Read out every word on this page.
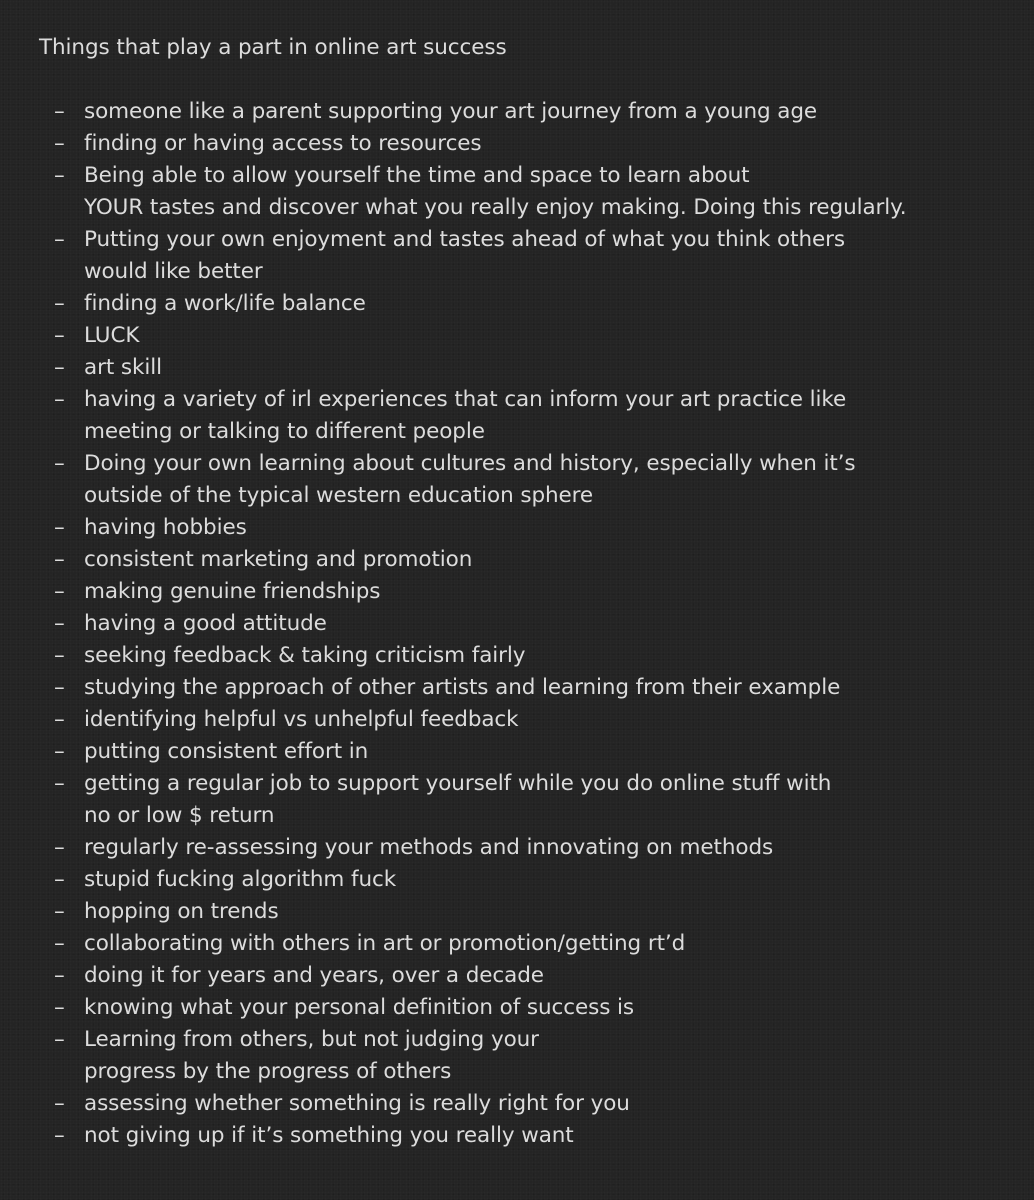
Things that play a part in online art success
– someone like a parent supporting your art journey from a young age
– finding or having access to resources
– Being able to allow yourself the time and space to learn about
YOUR tastes and discover what you really enjoy making. Doing this regularly.
– Putting your own enjoyment and tastes ahead of what you think others
would like better
– finding a work/life balance
– LUCK
– art skill
– having a variety of irl experiences that can inform your art practice like
meeting or talking to different people
– Doing your own learning about cultures and history, especially when it’s
outside of the typical western education sphere
– having hobbies
– consistent marketing and promotion
– making genuine friendships
– having a good attitude
– seeking feedback & taking criticism fairly
– studying the approach of other artists and learning from their example
– identifying helpful vs unhelpful feedback
– putting consistent effort in
– getting a regular job to support yourself while you do online stuff with
no or low $ return
– regularly re-assessing your methods and innovating on methods
– stupid fucking algorithm fuck
– hopping on trends
– collaborating with others in art or promotion/getting rt’d
– doing it for years and years, over a decade
– knowing what your personal definition of success is
– Learning from others, but not judging your
progress by the progress of others
– assessing whether something is really right for you
– not giving up if it’s something you really want
